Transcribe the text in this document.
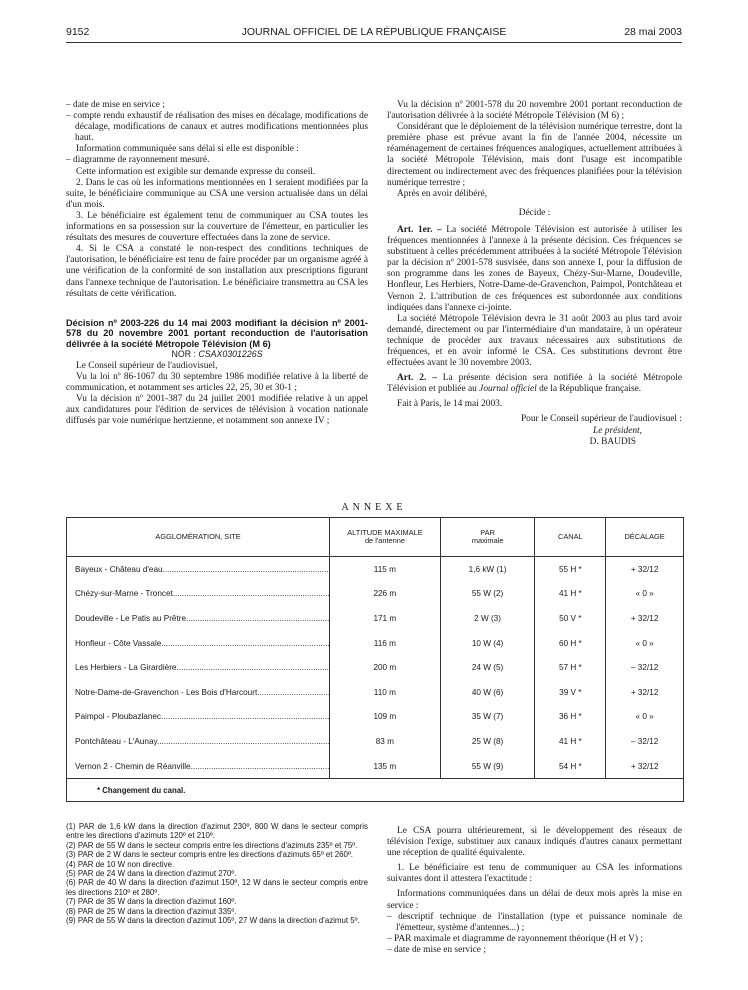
9152	JOURNAL OFFICIEL DE LA RÉPUBLIQUE FRANÇAISE	28 mai 2003

– date de mise en service ;

– compte rendu exhaustif de réalisation des mises en décalage, modifications de décalage, modifications de canaux et autres modifications mentionnées plus haut.

Information communiquée sans délai si elle est disponible :

– diagramme de rayonnement mesuré.

Cette information est exigible sur demande expresse du conseil.

2. Dans le cas où les informations mentionnées en 1 seraient modifiées par la suite, le bénéficiaire communique au CSA une version actualisée dans un délai d'un mois.

3. Le bénéficiaire est également tenu de communiquer au CSA toutes les informations en sa possession sur la couverture de l'émetteur, en particulier les résultats des mesures de couverture effectuées dans la zone de service.

4. Si le CSA a constaté le non-respect des conditions techniques de l'autorisation, le bénéficiaire est tenu de faire procéder par un organisme agréé à une vérification de la conformité de son installation aux prescriptions figurant dans l'annexe technique de l'autorisation. Le bénéficiaire transmettra au CSA les résultats de cette vérification.

Décision nº 2003-226 du 14 mai 2003 modifiant la décision nº 2001-578 du 20 novembre 2001 portant reconduction de l'autorisation délivrée à la société Métropole Télévision (M 6)

NOR : CSAX0301226S

Le Conseil supérieur de l'audiovisuel,

Vu la loi nº 86-1067 du 30 septembre 1986 modifiée relative à la liberté de communication, et notamment ses articles 22, 25, 30 et 30-1 ;

Vu la décision nº 2001-387 du 24 juillet 2001 modifiée relative à un appel aux candidatures pour l'édition de services de télévision à vocation nationale diffusés par voie numérique hertzienne, et notamment son annexe IV ;

Vu la décision nº 2001-578 du 20 novembre 2001 portant reconduction de l'autorisation délivrée à la société Métropole Télévision (M 6) ;

Considérant que le déploiement de la télévision numérique terrestre, dont la première phase est prévue avant la fin de l'année 2004, nécessite un réaménagement de certaines fréquences analogiques, actuellement attribuées à la société Métropole Télévision, mais dont l'usage est incompatible directement ou indirectement avec des fréquences planifiées pour la télévision numérique terrestre ;

Après en avoir délibéré,

Décide :

Art. 1er. – La société Métropole Télévision est autorisée à utiliser les fréquences mentionnées à l'annexe à la présente décision. Ces fréquences se substituent à celles précédemment attribuées à la société Métropole Télévision par la décision nº 2001-578 susvisée, dans son annexe I, pour la diffusion de son programme dans les zones de Bayeux, Chézy-Sur-Marne, Doudeville, Honfleur, Les Herbiers, Notre-Dame-de-Gravenchon, Paimpol, Pontchâteau et Vernon 2. L'attribution de ces fréquences est subordonnée aux conditions indiquées dans l'annexe ci-jointe.

La société Métropole Télévision devra le 31 août 2003 au plus tard avoir demandé, directement ou par l'intermédiaire d'un mandataire, à un opérateur technique de procéder aux travaux nécessaires aux substitutions de fréquences, et en avoir informé le CSA. Ces substitutions devront être effectuées avant le 30 novembre 2003.

Art. 2. – La présente décision sera notifiée à la société Métropole Télévision et publiée au Journal officiel de la République française.

Fait à Paris, le 14 mai 2003.

Pour le Conseil supérieur de l'audiovisuel :

Le président,

D. BAUDIS

ANNEXE
AGGLOMÉRATION, SITE	ALTITUDE MAXIMALE
de l'antenne
PAR
maximale	CANAL	DÉCALAGE
Bayeux - Château d'eau .....	115 m	1,6 kW (1)	55 H *	+ 32/12
Chézy-sur-Marne - Troncet .....	226 m	55 W (2)	41 H *	« 0 »
Doudeville - Le Patis au Prêtre .....	171 m	2 W (3)	50 V *	+ 32/12
Honfleur - Côte Vassale .....	116 m	10 W (4)	60 H *	« 0 »
Les Herbiers - La Girardière .....	200 m	24 W (5)	57 H *	– 32/12
Notre-Dame-de-Gravenchon - Les Bois d'Harcourt .....	110 m	40 W (6)	39 V *	+ 32/12
Paimpol - Ploubazlanec .....	109 m	35 W (7)	36 H *	« 0 »
Pontchâteau - L'Aunay .....	83 m	25 W (8)	41 H *	– 32/12
Vernon 2 - Chemin de Réanville .....	135 m	55 W (9)	54 H *	+ 32/12
* Changement du canal.

(1) PAR de 1,6 kW dans la direction d'azimut 230º, 800 W dans le secteur compris entre les directions d'azimuts 120º et 210º.

(2) PAR de 55 W dans le secteur compris entre les directions d'azimuts 235º et 75º.

(3) PAR de 2 W dans le secteur compris entre les directions d'azimuts 65º et 260º.

(4) PAR de 10 W non directive.

(5) PAR de 24 W dans la direction d'azimut 270º.

(6) PAR de 40 W dans la direction d'azimut 150º, 12 W dans le secteur compris entre les directions 210º et 280º.

(7) PAR de 35 W dans la direction d'azimut 160º.

(8) PAR de 25 W dans la direction d'azimut 335º.

(9) PAR de 55 W dans la direction d'azimut 105º, 27 W dans la direction d'azimut 5º.

Le CSA pourra ultérieurement, si le développement des réseaux de télévision l'exige, substituer aux canaux indiqués d'autres canaux permettant une réception de qualité équivalente.

1. Le bénéficiaire est tenu de communiquer au CSA les informations suivantes dont il attestera l'exactitude :

Informations communiquées dans un délai de deux mois après la mise en service :

– descriptif technique de l'installation (type et puissance nominale de l'émetteur, système d'antennes...) ;

– PAR maximale et diagramme de rayonnement théorique (H et V) ;

– date de mise en service ;
